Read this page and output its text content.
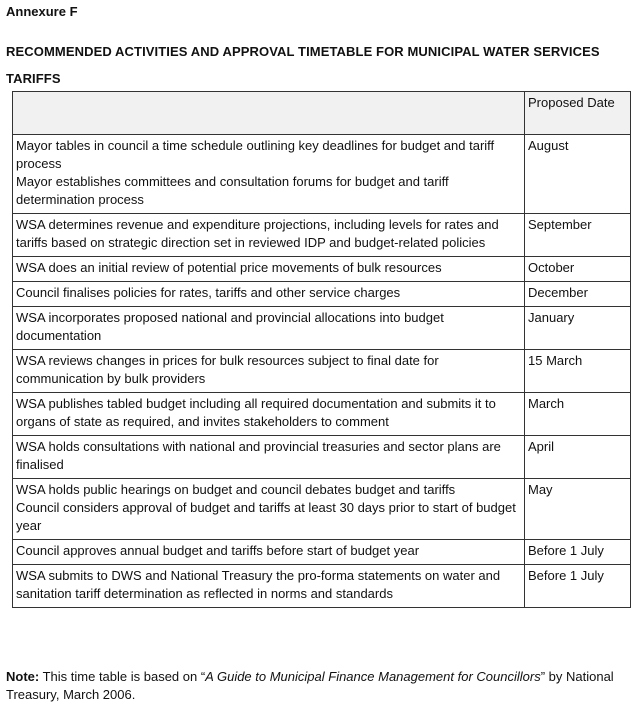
Annexure F

RECOMMENDED ACTIVITIES AND APPROVAL TIMETABLE FOR MUNICIPAL WATER SERVICES TARIFFS

	Proposed Date

Mayor tables in council a time schedule outlining key deadlines for budget and tariff process
Mayor establishes committees and consultation forums for budget and tariff determination process	August

WSA determines revenue and expenditure projections, including levels for rates and tariffs based on strategic direction set in reviewed IDP and budget-related policies	September

WSA does an initial review of potential price movements of bulk resources	October

Council finalises policies for rates, tariffs and other service charges	December

WSA incorporates proposed national and provincial allocations into budget documentation	January

WSA reviews changes in prices for bulk resources subject to final date for communication by bulk providers	15 March

WSA publishes tabled budget including all required documentation and submits it to organs of state as required, and invites stakeholders to comment	March

WSA holds consultations with national and provincial treasuries and sector plans are finalised	April

WSA holds public hearings on budget and council debates budget and tariffs
Council considers approval of budget and tariffs at least 30 days prior to start of budget year	May

Council approves annual budget and tariffs before start of budget year	Before 1 July

WSA submits to DWS and National Treasury the pro-forma statements on water and sanitation tariff determination as reflected in norms and standards	Before 1 July

Note: This time table is based on “A Guide to Municipal Finance Management for Councillors” by National Treasury, March 2006.
